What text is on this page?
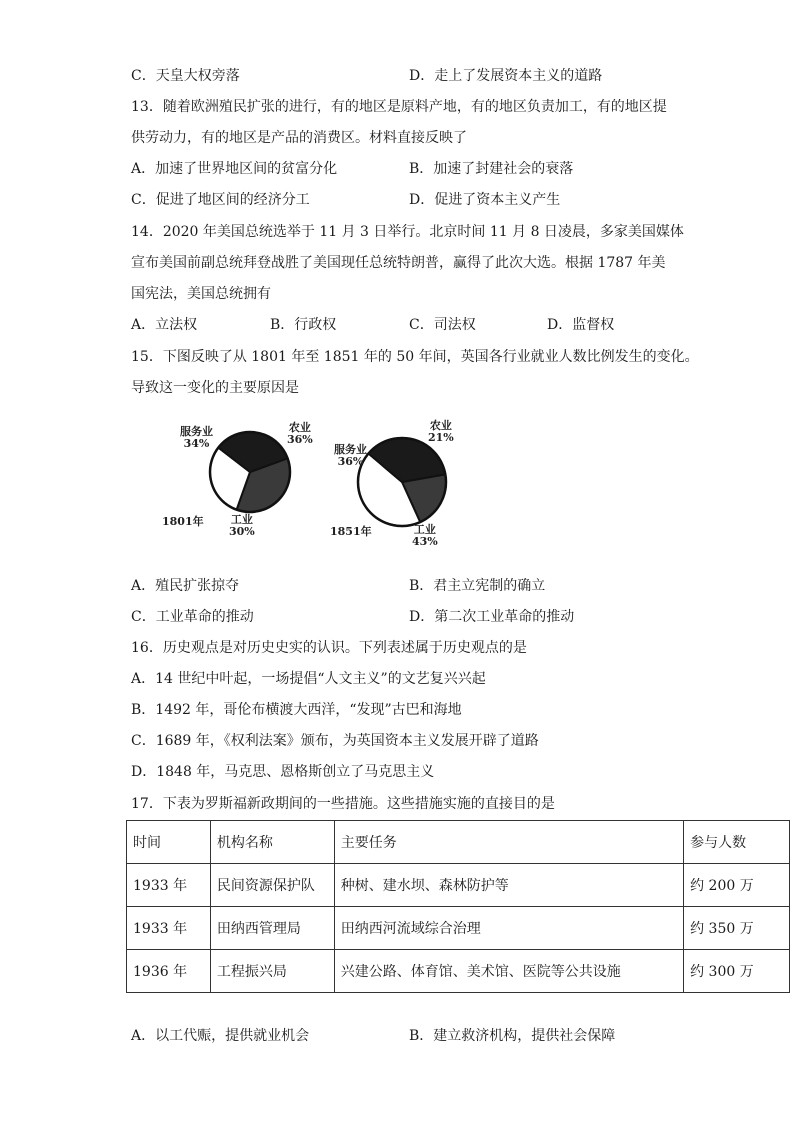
C．天皇大权旁落	D．走上了发展资本主义的道路
13．随着欧洲殖民扩张的进行，有的地区是原料产地，有的地区负责加工，有的地区提
供劳动力，有的地区是产品的消费区。材料直接反映了
A．加速了世界地区间的贫富分化	B．加速了封建社会的衰落
C．促进了地区间的经济分工	D．促进了资本主义产生
14．2020 年美国总统选举于 11 月 3 日举行。北京时间 11 月 8 日凌晨，多家美国媒体
宣布美国前副总统拜登战胜了美国现任总统特朗普，赢得了此次大选。根据 1787 年美
国宪法，美国总统拥有
A．立法权	B．行政权	C．司法权	D．监督权
15．下图反映了从 1801 年至 1851 年的 50 年间，英国各行业就业人数比例发生的变化。
导致这一变化的主要原因是
服务业
34%
农业
36%
工业
30%
1801年
服务业
36%
农业
21%
工业
43%
1851年
A．殖民扩张掠夺	B．君主立宪制的确立
C．工业革命的推动	D．第二次工业革命的推动
16．历史观点是对历史史实的认识。下列表述属于历史观点的是
A．14 世纪中叶起，一场提倡“人文主义”的文艺复兴兴起
B．1492 年，哥伦布横渡大西洋，“发现”古巴和海地
C．1689 年，《权利法案》颁布，为英国资本主义发展开辟了道路
D．1848 年，马克思、恩格斯创立了马克思主义
17．下表为罗斯福新政期间的一些措施。这些措施实施的直接目的是
时间	机构名称	主要任务	参与人数
1933 年	民间资源保护队	种树、建水坝、森林防护等	约 200 万
1933 年	田纳西管理局	田纳西河流域综合治理	约 350 万
1936 年	工程振兴局	兴建公路、体育馆、美术馆、医院等公共设施	约 300 万
A．以工代赈，提供就业机会	B．建立救济机构，提供社会保障
